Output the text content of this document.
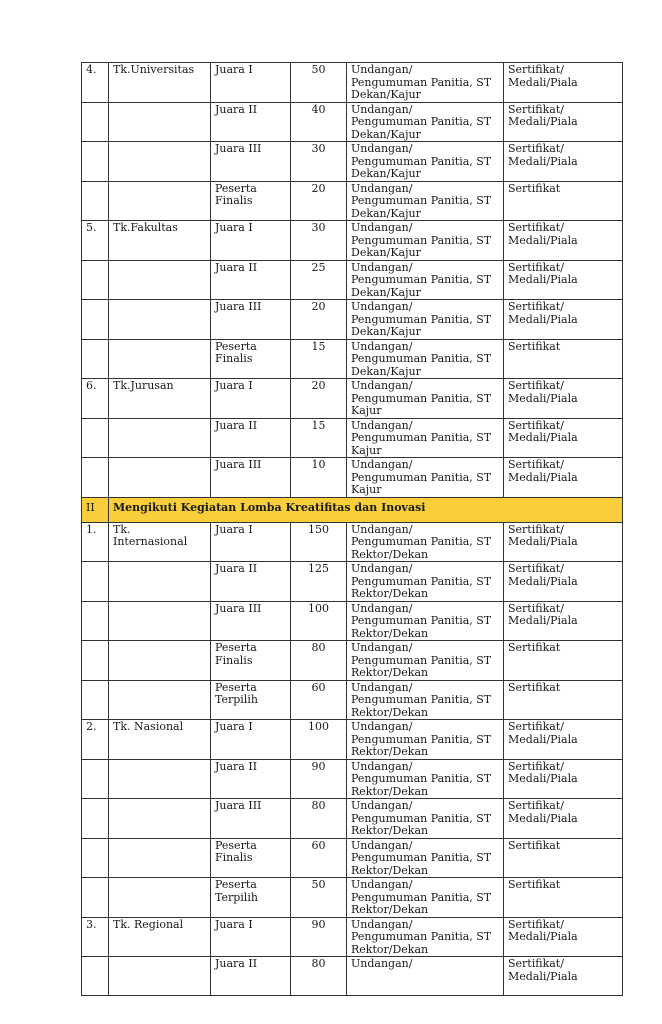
4.	Tk.Universitas	Juara I	50	Undangan/
Pengumuman Panitia, ST
Dekan/Kajur	Sertifikat/ Medali/Piala
		Juara II	40	Undangan/
Pengumuman Panitia, ST
Dekan/Kajur	Sertifikat/ Medali/Piala
		Juara III	30	Undangan/
Pengumuman Panitia, ST
Dekan/Kajur	Sertifikat/ Medali/Piala
		Peserta Finalis	20	Undangan/
Pengumuman Panitia, ST
Dekan/Kajur	Sertifikat
5.	Tk.Fakultas	Juara I	30	Undangan/
Pengumuman Panitia, ST
Dekan/Kajur	Sertifikat/ Medali/Piala
		Juara II	25	Undangan/
Pengumuman Panitia, ST
Dekan/Kajur	Sertifikat/ Medali/Piala
		Juara III	20	Undangan/
Pengumuman Panitia, ST
Dekan/Kajur	Sertifikat/ Medali/Piala
		Peserta Finalis	15	Undangan/
Pengumuman Panitia, ST
Dekan/Kajur	Sertifikat
6.	Tk.Jurusan	Juara I	20	Undangan/
Pengumuman Panitia, ST
Kajur	Sertifikat/ Medali/Piala
		Juara II	15	Undangan/
Pengumuman Panitia, ST
Kajur	Sertifikat/ Medali/Piala
		Juara III	10	Undangan/
Pengumuman Panitia, ST
Kajur	Sertifikat/ Medali/Piala
II	Mengikuti Kegiatan Lomba Kreatifitas dan Inovasi				
1.	Tk. Internasional	Juara I	150	Undangan/
Pengumuman Panitia, ST
Rektor/Dekan	Sertifikat/ Medali/Piala
		Juara II	125	Undangan/
Pengumuman Panitia, ST
Rektor/Dekan	Sertifikat/ Medali/Piala
		Juara III	100	Undangan/
Pengumuman Panitia, ST
Rektor/Dekan	Sertifikat/ Medali/Piala
		Peserta Finalis	80	Undangan/
Pengumuman Panitia, ST
Rektor/Dekan	Sertifikat
		Peserta Terpilih	60	Undangan/
Pengumuman Panitia, ST
Rektor/Dekan	Sertifikat
2.	Tk. Nasional	Juara I	100	Undangan/
Pengumuman Panitia, ST
Rektor/Dekan	Sertifikat/ Medali/Piala
		Juara II	90	Undangan/
Pengumuman Panitia, ST
Rektor/Dekan	Sertifikat/ Medali/Piala
		Juara III	80	Undangan/
Pengumuman Panitia, ST
Rektor/Dekan	Sertifikat/ Medali/Piala
		Peserta Finalis	60	Undangan/
Pengumuman Panitia, ST
Rektor/Dekan	Sertifikat
		Peserta Terpilih	50	Undangan/
Pengumuman Panitia, ST
Rektor/Dekan	Sertifikat
3.	Tk. Regional	Juara I	90	Undangan/
Pengumuman Panitia, ST
Rektor/Dekan	Sertifikat/ Medali/Piala
		Juara II	80	Undangan/	Sertifikat/ Medali/Piala
